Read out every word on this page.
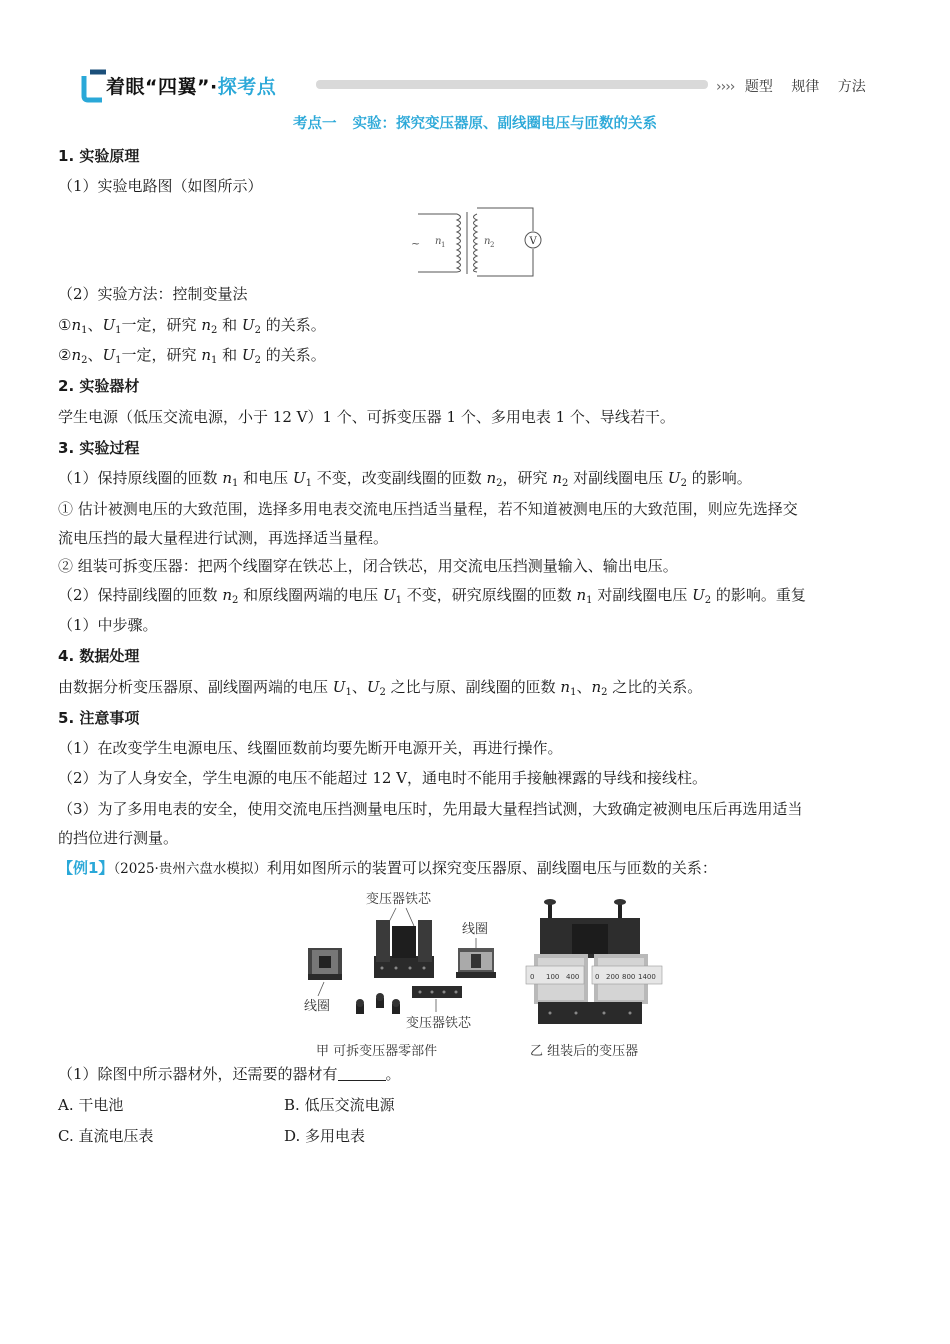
着眼“四翼”·探考点	›››› 题型 规律 方法
考点一 实验：探究变压器原、副线圈电压与匝数的关系
1. 实验原理
（1）实验电路图（如图所示）
V
~ n 1	n 2
（2）实验方法：控制变量法
$①n_1$、$U_1$一定，研究 $n_2$ 和 $U_2$ 的关系。
$②n_2$、$U_1$一定，研究 $n_1$ 和 $U_2$ 的关系。
2. 实验器材
学生电源（低压交流电源，小于 12 V）1 个、可拆变压器 1 个、多用电表 1 个、导线若干。
3. 实验过程
（1）保持原线圈的匝数 $n_1$ 和电压 $U_1$ 不变，改变副线圈的匝数 $n_2$，研究 $n_2$ 对副线圈电压 $U_2$ 的影响。
① 估计被测电压的大致范围，选择多用电表交流电压挡适当量程，若不知道被测电压的大致范围，则应先选择交
流电压挡的最大量程进行试测，再选择适当量程。
② 组装可拆变压器：把两个线圈穿在铁芯上，闭合铁芯，用交流电压挡测量输入、输出电压。
（2）保持副线圈的匝数 $n_2$ 和原线圈两端的电压 $U_1$ 不变，研究原线圈的匝数 $n_1$ 对副线圈电压 $U_2$ 的影响。重复
（1）中步骤。
4. 数据处理
由数据分析变压器原、副线圈两端的电压 $U_1$、$U_2$ 之比与原、副线圈的匝数 $n_1$、$n_2$ 之比的关系。
5. 注意事项
（1）在改变学生电源电压、线圈匝数前均要先断开电源开关，再进行操作。
（2）为了人身安全，学生电源的电压不能超过 12 V，通电时不能用手接触裸露的导线和接线柱。
（3）为了多用电表的安全，使用交流电压挡测量电压时，先用最大量程挡试测，大致确定被测电压后再选用适当
的挡位进行测量。
【例1】（2025·贵州六盘水模拟）利用如图所示的装置可以探究变压器原、副线圈电压与匝数的关系：
变压器铁芯
线圈
线圈
变压器铁芯
0 100 400 0 200 800 1400
甲 可拆变压器零部件	乙 组装后的变压器
（1）除图中所示器材外，还需要的器材有	。
A. 干电池	B. 低压交流电源
C. 直流电压表	D. 多用电表
